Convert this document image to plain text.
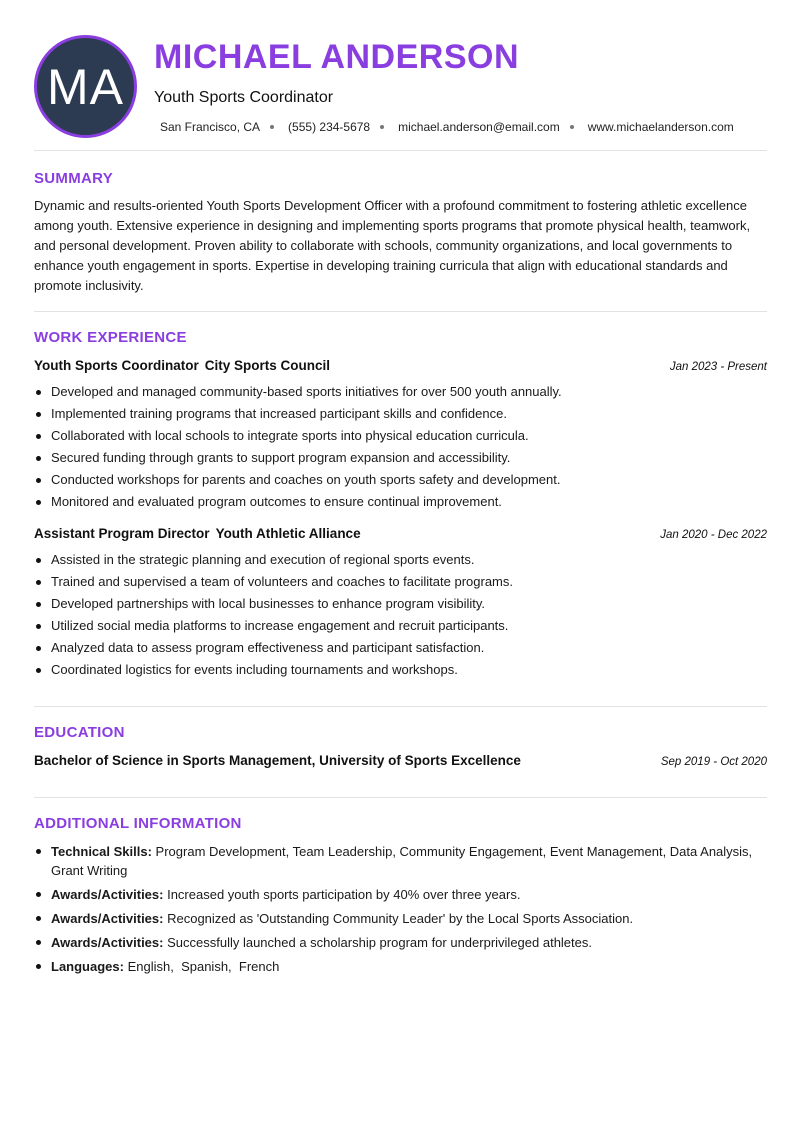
MA
MICHAEL ANDERSON
Youth Sports Coordinator
San Francisco, CA (555) 234-5678 michael.anderson@email.com www.michaelanderson.com
SUMMARY
Dynamic and results-oriented Youth Sports Development Officer with a profound commitment to fostering athletic excellence among youth. Extensive experience in designing and implementing sports programs that promote physical health, teamwork, and personal development. Proven ability to collaborate with schools, community organizations, and local governments to enhance youth engagement in sports. Expertise in developing training curricula that align with educational standards and promote inclusivity.
WORK EXPERIENCE
Youth Sports Coordinator City Sports Council	Jan 2023 - Present
Developed and managed community-based sports initiatives for over 500 youth annually.
Implemented training programs that increased participant skills and confidence.
Collaborated with local schools to integrate sports into physical education curricula.
Secured funding through grants to support program expansion and accessibility.
Conducted workshops for parents and coaches on youth sports safety and development.
Monitored and evaluated program outcomes to ensure continual improvement.
Assistant Program Director Youth Athletic Alliance	Jan 2020 - Dec 2022
Assisted in the strategic planning and execution of regional sports events.
Trained and supervised a team of volunteers and coaches to facilitate programs.
Developed partnerships with local businesses to enhance program visibility.
Utilized social media platforms to increase engagement and recruit participants.
Analyzed data to assess program effectiveness and participant satisfaction.
Coordinated logistics for events including tournaments and workshops.
EDUCATION
Bachelor of Science in Sports Management, University of Sports Excellence	Sep 2019 - Oct 2020
ADDITIONAL INFORMATION
Technical Skills: Program Development, Team Leadership, Community Engagement, Event Management, Data Analysis, Grant Writing
Awards/Activities: Increased youth sports participation by 40% over three years.
Awards/Activities: Recognized as 'Outstanding Community Leader' by the Local Sports Association.
Awards/Activities: Successfully launched a scholarship program for underprivileged athletes.
Languages: English,  Spanish,  French
